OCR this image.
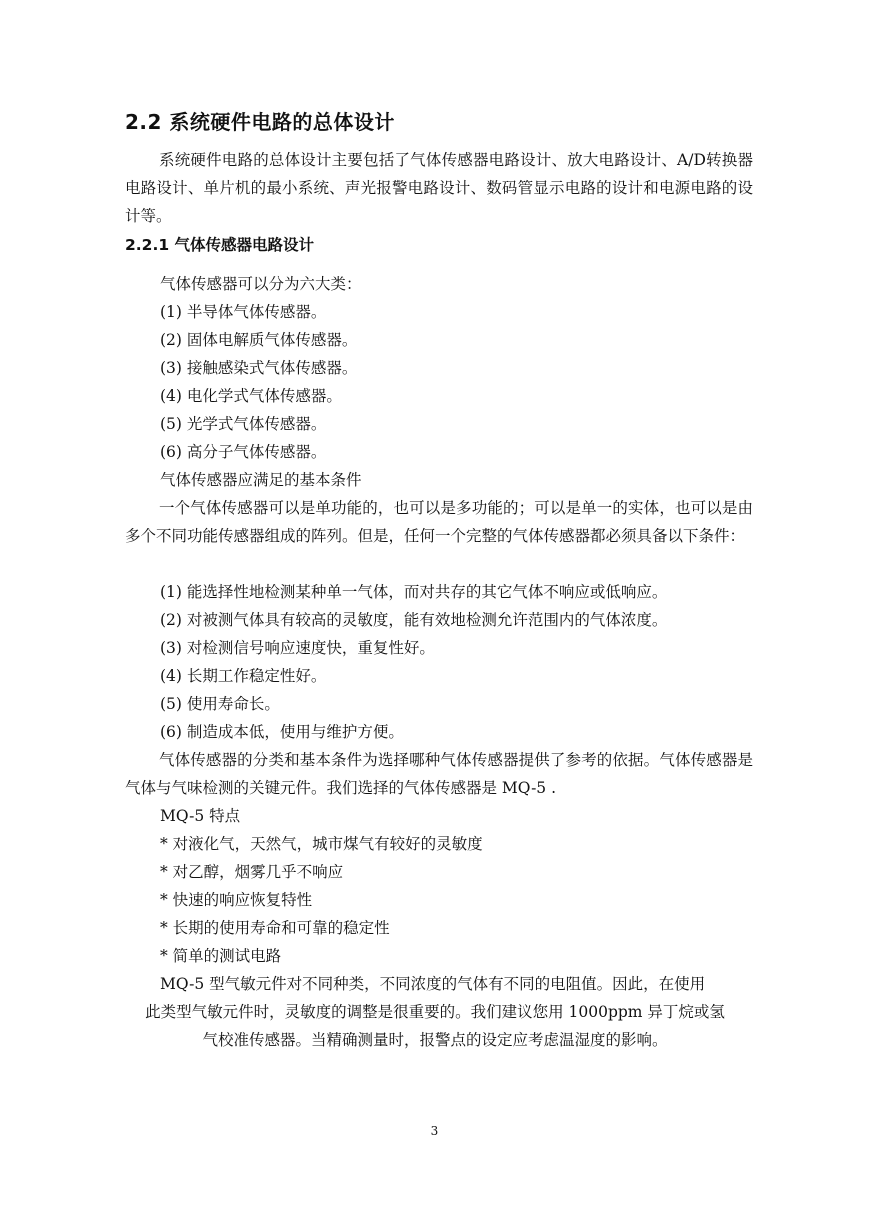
2.2 系统硬件电路的总体设计

系统硬件电路的总体设计主要包括了气体传感器电路设计、放大电路设计、A/D转换器电路设计、单片机的最小系统、声光报警电路设计、数码管显示电路的设计和电源电路的设计等。

2.2.1 气体传感器电路设计
气体传感器可以分为六大类：
(1) 半导体气体传感器。
(2) 固体电解质气体传感器。
(3) 接触感染式气体传感器。
(4) 电化学式气体传感器。
(5) 光学式气体传感器。
(6) 高分子气体传感器。
气体传感器应满足的基本条件

一个气体传感器可以是单功能的，也可以是多功能的；可以是单一的实体，也可以是由多个不同功能传感器组成的阵列。但是，任何一个完整的气体传感器都必须具备以下条件：

(1) 能选择性地检测某种单一气体，而对共存的其它气体不响应或低响应。
(2) 对被测气体具有较高的灵敏度，能有效地检测允许范围内的气体浓度。
(3) 对检测信号响应速度快，重复性好。
(4) 长期工作稳定性好。
(5) 使用寿命长。
(6) 制造成本低，使用与维护方便。

气体传感器的分类和基本条件为选择哪种气体传感器提供了参考的依据。气体传感器是气体与气味检测的关键元件。我们选择的气体传感器是 MQ-5 .

MQ-5 特点
* 对液化气，天然气，城市煤气有较好的灵敏度
* 对乙醇，烟雾几乎不响应
* 快速的响应恢复特性
* 长期的使用寿命和可靠的稳定性
* 简单的测试电路
MQ-5 型气敏元件对不同种类，不同浓度的气体有不同的电阻值。因此，在使用

此类型气敏元件时，灵敏度的调整是很重要的。我们建议您用 1000ppm 异丁烷或氢

气校准传感器。当精确测量时，报警点的设定应考虑温湿度的影响。

3
